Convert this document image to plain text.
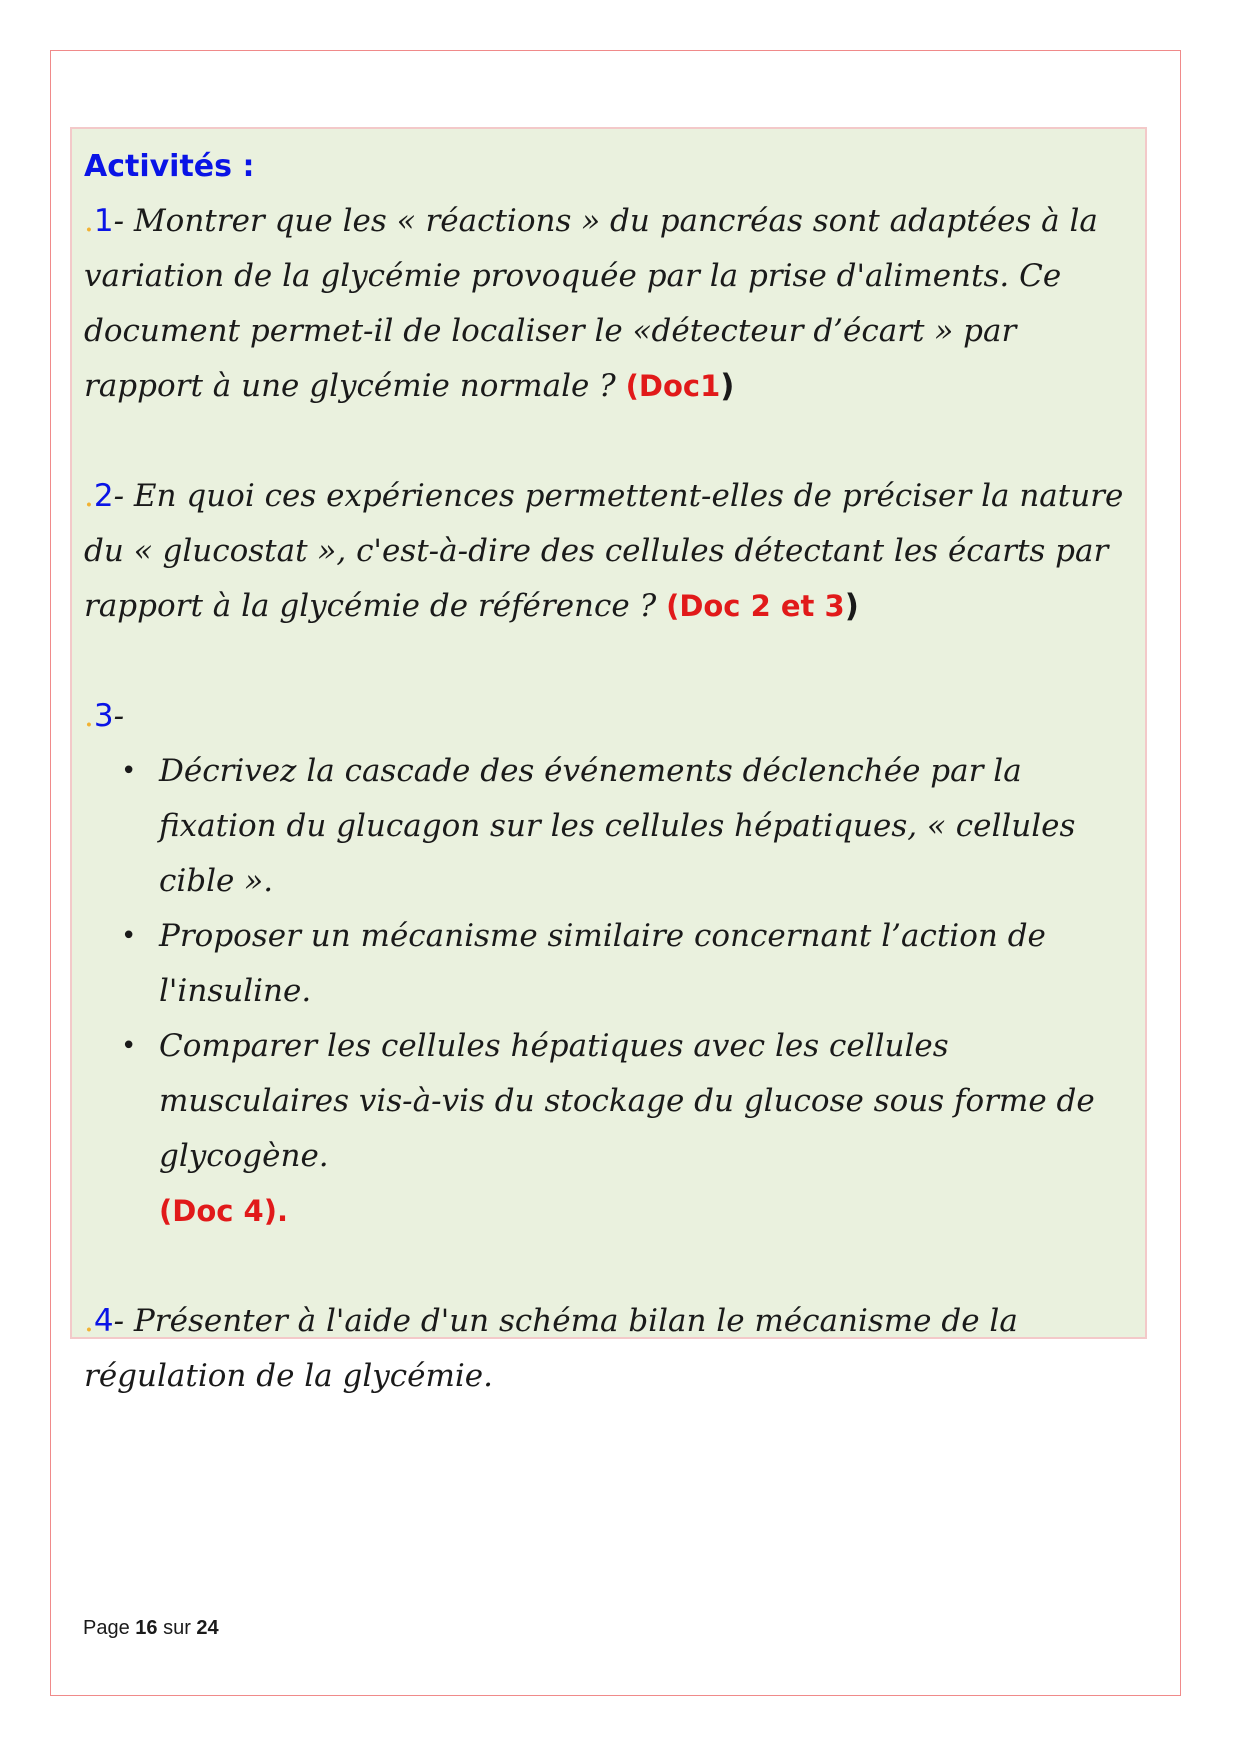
Activités :

.1- Montrer que les « réactions » du pancréas sont adaptées à la variation de la glycémie provoquée par la prise d'aliments. Ce document permet-il de localiser le «détecteur d’écart » par rapport à une glycémie normale ? (Doc1)

.2- En quoi ces expériences permettent-elles de préciser la nature du « glucostat », c'est-à-dire des cellules détectant les écarts par rapport à la glycémie de référence ? (Doc 2 et 3)

.3-

• Décrivez la cascade des événements déclenchée par la fixation du glucagon sur les cellules hépatiques, « cellules cible ».
• Proposer un mécanisme similaire concernant l’action de l'insuline.
• Comparer les cellules hépatiques avec les cellules musculaires vis-à-vis du stockage du glucose sous forme de glycogène.
(Doc 4).

.4- Présenter à l'aide d'un schéma bilan le mécanisme de la régulation de la glycémie.

Page 16 sur 24
